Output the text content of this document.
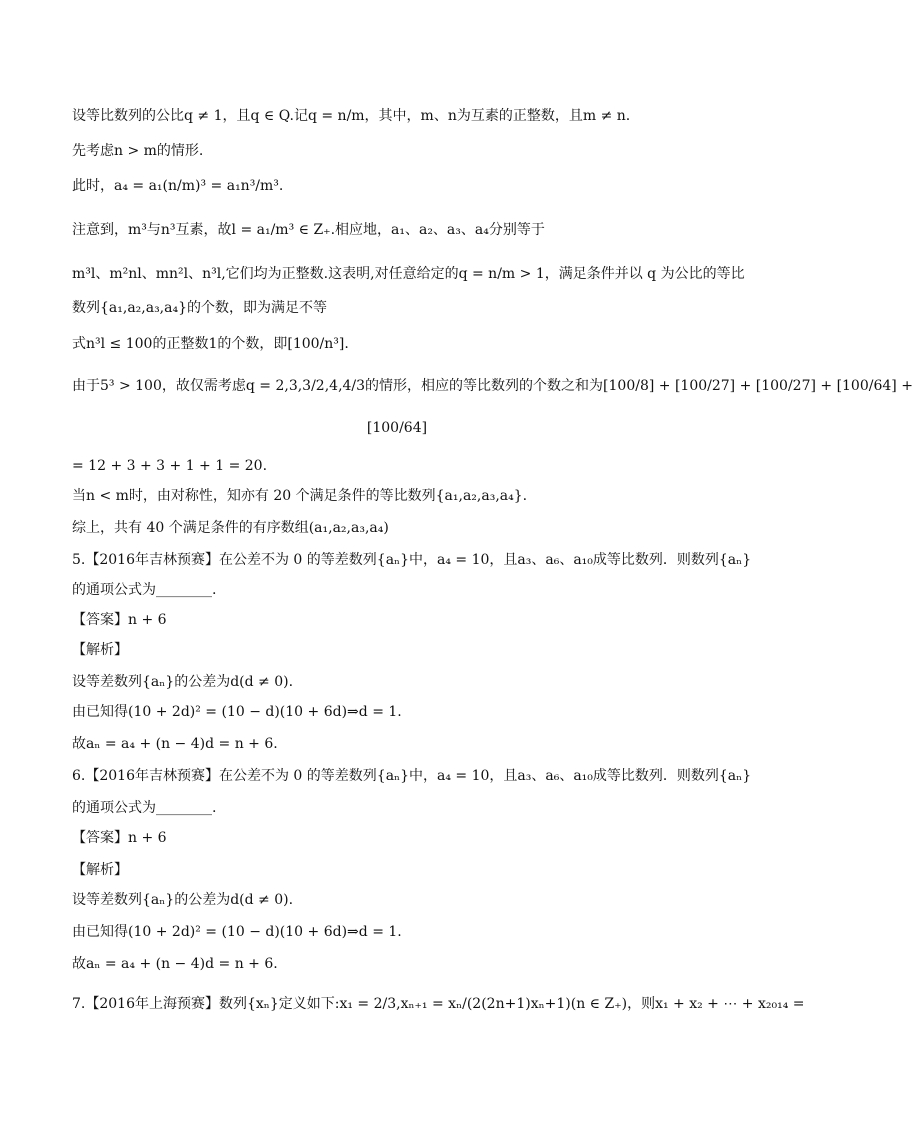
设等比数列的公比q ≠ 1，且q ∈ Q.记q = n/m，其中，m、n为互素的正整数，且m ≠ n.
先考虑n > m的情形.
此时，a₄ = a₁(n/m)³ = a₁n³/m³.
注意到，m³与n³互素，故l = a₁/m³ ∈ Z₊.相应地，a₁、a₂、a₃、a₄分别等于
m³l、m²nl、mn²l、n³l,它们均为正整数.这表明,对任意给定的q = n/m > 1，满足条件并以 q 为公比的等比
数列{a₁,a₂,a₃,a₄}的个数，即为满足不等
式n³l ≤ 100的正整数1的个数，即[100/n³].
由于5³ > 100，故仅需考虑q = 2,3,3/2,4,4/3的情形，相应的等比数列的个数之和为[100/8] + [100/27] + [100/27] + [100/64] +
[100/64]
= 12 + 3 + 3 + 1 + 1 = 20.
当n < m时，由对称性，知亦有 20 个满足条件的等比数列{a₁,a₂,a₃,a₄}.
综上，共有 40 个满足条件的有序数组(a₁,a₂,a₃,a₄)
5.【2016年吉林预赛】在公差不为 0 的等差数列{aₙ}中，a₄ = 10，且a₃、a₆、a₁₀成等比数列．则数列{aₙ}
的通项公式为________.
【答案】n + 6
【解析】
设等差数列{aₙ}的公差为d(d ≠ 0).
由已知得(10 + 2d)² = (10 − d)(10 + 6d)⇒d = 1.
故aₙ = a₄ + (n − 4)d = n + 6.
6.【2016年吉林预赛】在公差不为 0 的等差数列{aₙ}中，a₄ = 10，且a₃、a₆、a₁₀成等比数列．则数列{aₙ}
的通项公式为________.
【答案】n + 6
【解析】
设等差数列{aₙ}的公差为d(d ≠ 0).
由已知得(10 + 2d)² = (10 − d)(10 + 6d)⇒d = 1.
故aₙ = a₄ + (n − 4)d = n + 6.
7.【2016年上海预赛】数列{xₙ}定义如下:x₁ = 2/3,xₙ₊₁ = xₙ/(2(2n+1)xₙ+1)(n ∈ Z₊)，则x₁ + x₂ + ⋯ + x₂₀₁₄ =
